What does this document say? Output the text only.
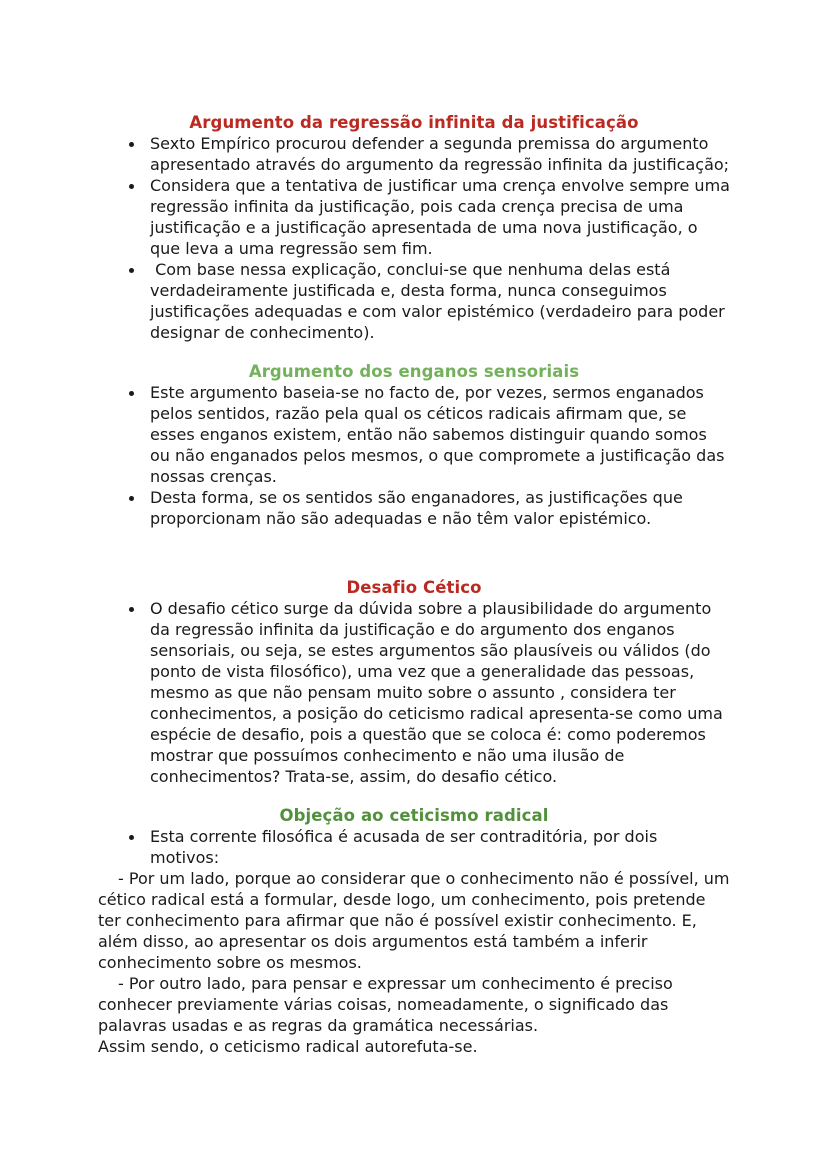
Argumento da regressão infinita da justificação
Sexto Empírico procurou defender a segunda premissa do argumento apresentado através do argumento da regressão infinita da justificação;
Considera que a tentativa de justificar uma crença envolve sempre uma regressão infinita da justificação, pois cada crença precisa de uma justificação e a justificação apresentada de uma nova justificação, o que leva a uma regressão sem fim.
Com base nessa explicação, conclui-se que nenhuma delas está verdadeiramente justificada e, desta forma, nunca conseguimos justificações adequadas e com valor epistémico (verdadeiro para poder designar de conhecimento).
Argumento dos enganos sensoriais
Este argumento baseia-se no facto de, por vezes, sermos enganados pelos sentidos, razão pela qual os céticos radicais afirmam que, se esses enganos existem, então não sabemos distinguir quando somos ou não enganados pelos mesmos, o que compromete a justificação das nossas crenças.
Desta forma, se os sentidos são enganadores, as justificações que proporcionam não são adequadas e não têm valor epistémico.
Desafio Cético
O desafio cético surge da dúvida sobre a plausibilidade do argumento da regressão infinita da justificação e do argumento dos enganos sensoriais, ou seja, se estes argumentos são plausíveis ou válidos (do ponto de vista filosófico), uma vez que a generalidade das pessoas, mesmo as que não pensam muito sobre o assunto , considera ter conhecimentos, a posição do ceticismo radical apresenta-se como uma espécie de desafio, pois a questão que se coloca é: como poderemos mostrar que possuímos conhecimento e não uma ilusão de conhecimentos? Trata-se, assim, do desafio cético.
Objeção ao ceticismo radical
Esta corrente filosófica é acusada de ser contraditória, por dois motivos:

- Por um lado, porque ao considerar que o conhecimento não é possível, um cético radical está a formular, desde logo, um conhecimento, pois pretende ter conhecimento para afirmar que não é possível existir conhecimento. E, além disso, ao apresentar os dois argumentos está também a inferir conhecimento sobre os mesmos.

- Por outro lado, para pensar e expressar um conhecimento é preciso conhecer previamente várias coisas, nomeadamente, o significado das palavras usadas e as regras da gramática necessárias.

Assim sendo, o ceticismo radical autorefuta-se.
